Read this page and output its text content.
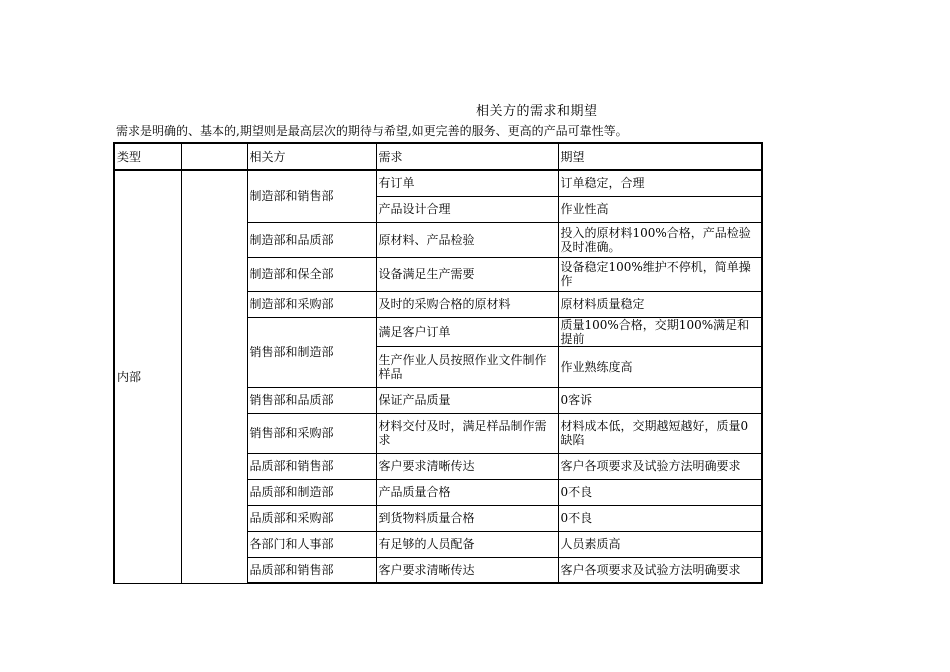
相关方的需求和期望
需求是明确的、基本的,期望则是最高层次的期待与希望,如更完善的服务、更高的产品可靠性等。
类型		相关方	需求	期望
内部		制造部和销售部	有订单	订单稳定，合理
			产品设计合理	作业性高
		制造部和品质部	原材料、产品检验	投入的原材料100%合格，产品检验及时准确。
		制造部和保全部	设备满足生产需要	设备稳定100%维护不停机，简单操作
		制造部和采购部	及时的采购合格的原材料	原材料质量稳定
		销售部和制造部	满足客户订单	质量100%合格，交期100%满足和提前
			生产作业人员按照作业文件制作样品	作业熟练度高
		销售部和品质部	保证产品质量	0客诉
		销售部和采购部	材料交付及时，满足样品制作需求	材料成本低，交期越短越好，质量0缺陷
		品质部和销售部	客户要求清晰传达	客户各项要求及试验方法明确要求
		品质部和制造部	产品质量合格	0不良
		品质部和采购部	到货物料质量合格	0不良
		各部门和人事部	有足够的人员配备	人员素质高
		品质部和销售部	客户要求清晰传达	客户各项要求及试验方法明确要求
